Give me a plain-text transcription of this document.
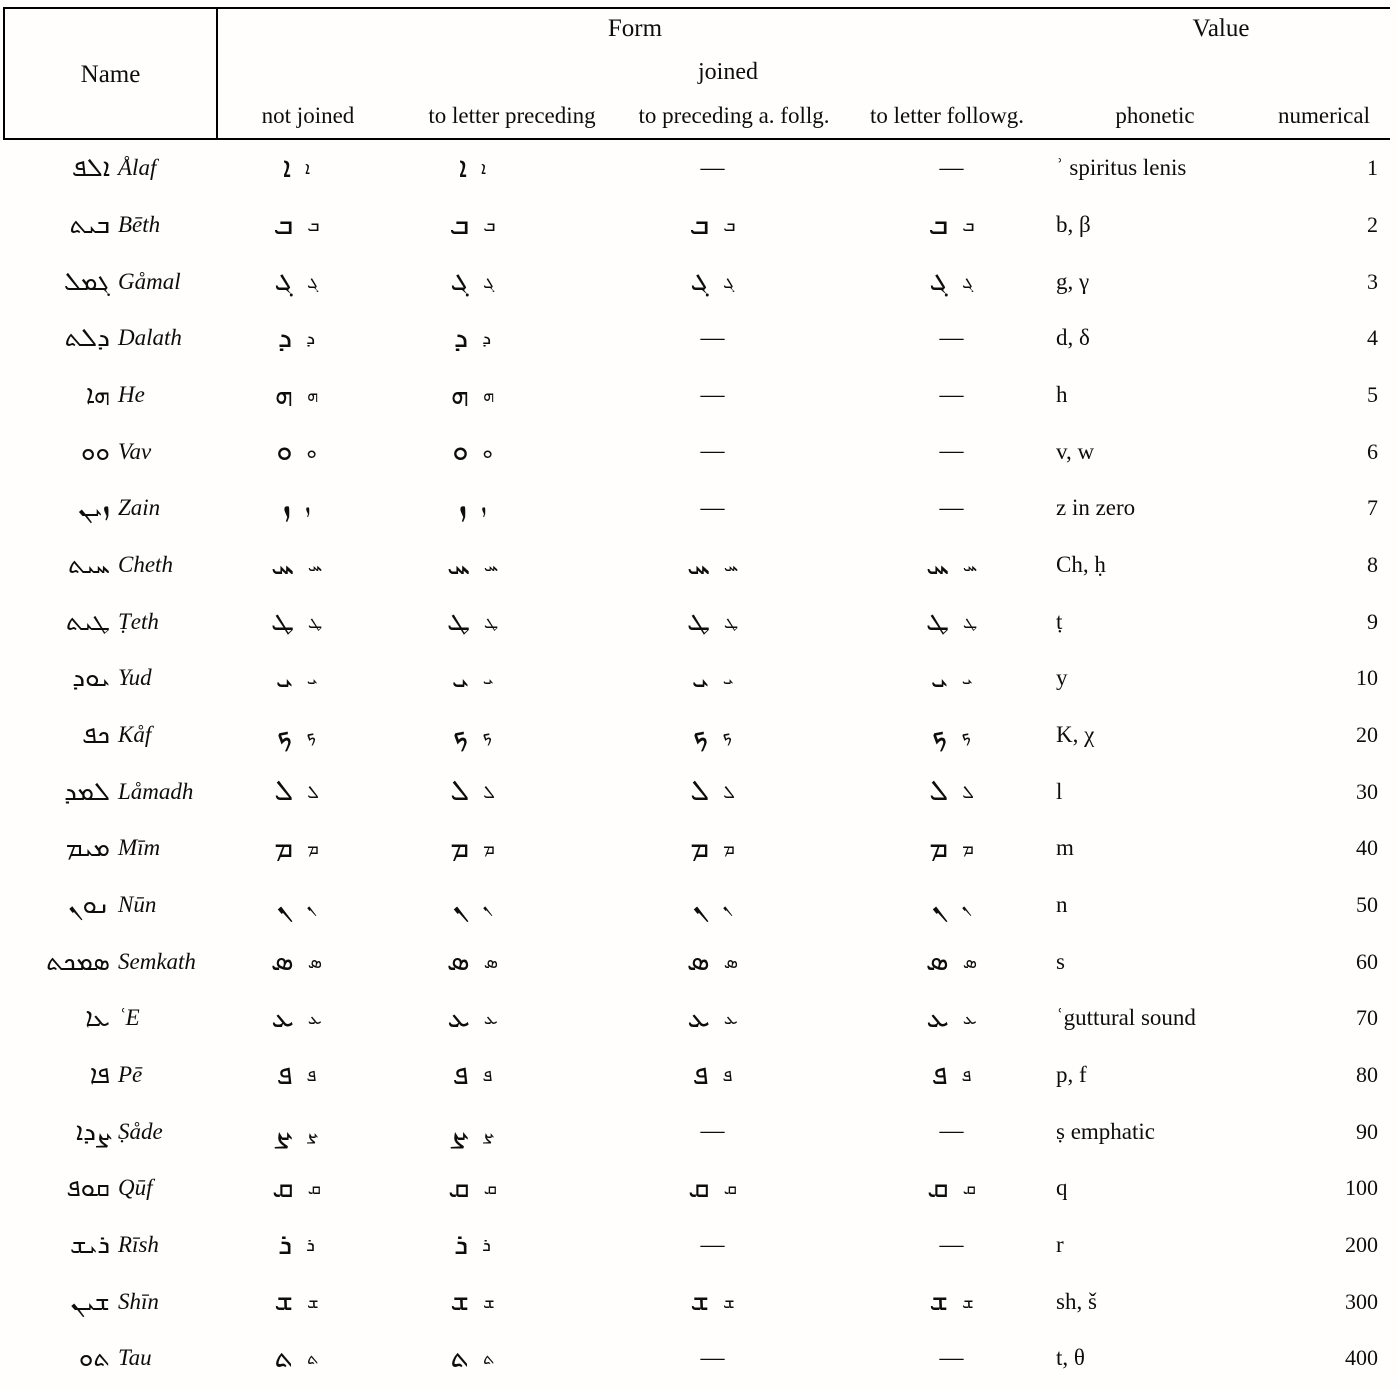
Name
Form	Value
joined
not joined	to letter preceding	to preceding a. follg.	to letter followg.	phonetic	numerical
ܐܠܦ Ålaf	ܐ ܐ	ܐ ܐ	—	—	ʾ spiritus lenis	1
ܒܝܬ Bēth	ܒ ܒ	ܒ ܒ	ܒ ܒ	ܒ ܒ	b, β	2
ܓܡܠ Gåmal	ܓ ܓ	ܓ ܓ	ܓ ܓ	ܓ ܓ	g, γ	3
ܕܠܬ Dalath	ܕ ܕ	ܕ ܕ	—	—	d, δ	4
ܗܐ He	ܗ ܗ	ܗ ܗ	—	—	h	5
ܘܘ Vav	ܘ ܘ	ܘ ܘ	—	—	v, w	6
ܙܝܢ Zain	ܙ ܙ	ܙ ܙ	—	—	z in zero	7
ܚܝܬ Cheth	ܚ ܚ	ܚ ܚ	ܚ ܚ	ܚ ܚ	Ch, ḥ	8
ܛܝܬ Ṭeth	ܛ ܛ	ܛ ܛ	ܛ ܛ	ܛ ܛ	ṭ	9
ܝܘܕ Yud	ܝ ܝ	ܝ ܝ	ܝ ܝ	ܝ ܝ	y	10
ܟܦ Kåf	ܟ ܟ	ܟ ܟ	ܟ ܟ	ܟ ܟ	K, χ	20
ܠܡܕ Låmadh	ܠ ܠ	ܠ ܠ	ܠ ܠ	ܠ ܠ	l	30
ܡܝܡ Mīm	ܡ ܡ	ܡ ܡ	ܡ ܡ	ܡ ܡ	m	40
ܢܘܢ Nūn	ܢ ܢ	ܢ ܢ	ܢ ܢ	ܢ ܢ	n	50
ܣܡܟܬ Semkath	ܣ ܣ	ܣ ܣ	ܣ ܣ	ܣ ܣ	s	60
ܥܐ ʿE	ܥ ܥ	ܥ ܥ	ܥ ܥ	ܥ ܥ	ʿguttural sound	70
ܦܐ Pē	ܦ ܦ	ܦ ܦ	ܦ ܦ	ܦ ܦ	p, f	80
ܨܕܐ Ṣåde	ܨ ܨ	ܨ ܨ	—	—	ṣ emphatic	90
ܩܘܦ Qūf	ܩ ܩ	ܩ ܩ	ܩ ܩ	ܩ ܩ	q	100
ܪܝܫ Rīsh	ܪ ܪ	ܪ ܪ	—	—	r	200
ܫܝܢ Shīn	ܫ ܫ	ܫ ܫ	ܫ ܫ	ܫ ܫ	sh, š	300
ܬܘ Tau	ܬ ܬ	ܬ ܬ	—	—	t, θ	400
